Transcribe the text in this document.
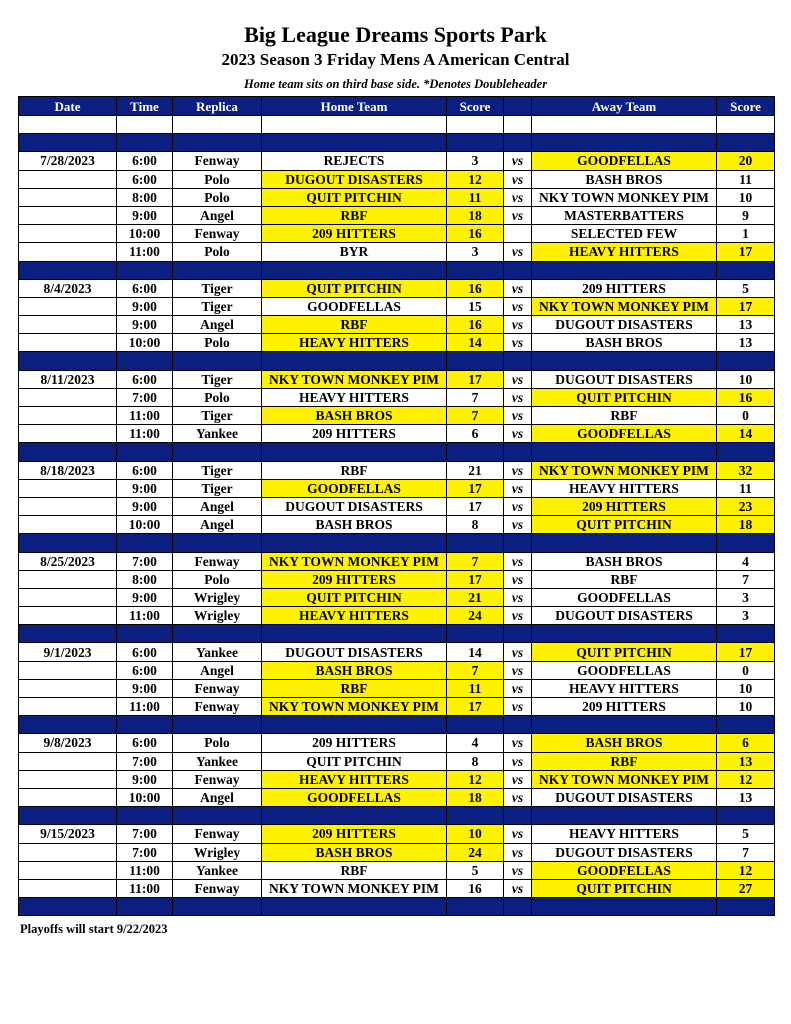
Big League Dreams Sports Park
2023 Season 3 Friday Mens A American Central
Home team sits on third base side. *Denotes Doubleheader
Date	Time	Replica	Home Team	Score		Away Team	Score

7/28/2023	6:00	Fenway	REJECTS	3	vs	GOODFELLAS	20
	6:00	Polo	DUGOUT DISASTERS	12	vs	BASH BROS	11
	8:00	Polo	QUIT PITCHIN	11	vs	NKY TOWN MONKEY PIM	10
	9:00	Angel	RBF	18	vs	MASTERBATTERS	9
	10:00	Fenway	209 HITTERS	16		SELECTED FEW	1
	11:00	Polo	BYR	3	vs	HEAVY HITTERS	17

8/4/2023	6:00	Tiger	QUIT PITCHIN	16	vs	209 HITTERS	5
	9:00	Tiger	GOODFELLAS	15	vs	NKY TOWN MONKEY PIM	17
	9:00	Angel	RBF	16	vs	DUGOUT DISASTERS	13
	10:00	Polo	HEAVY HITTERS	14	vs	BASH BROS	13

8/11/2023	6:00	Tiger	NKY TOWN MONKEY PIM	17	vs	DUGOUT DISASTERS	10
	7:00	Polo	HEAVY HITTERS	7	vs	QUIT PITCHIN	16
	11:00	Tiger	BASH BROS	7	vs	RBF	0
	11:00	Yankee	209 HITTERS	6	vs	GOODFELLAS	14

8/18/2023	6:00	Tiger	RBF	21	vs	NKY TOWN MONKEY PIM	32
	9:00	Tiger	GOODFELLAS	17	vs	HEAVY HITTERS	11
	9:00	Angel	DUGOUT DISASTERS	17	vs	209 HITTERS	23
	10:00	Angel	BASH BROS	8	vs	QUIT PITCHIN	18

8/25/2023	7:00	Fenway	NKY TOWN MONKEY PIM	7	vs	BASH BROS	4
	8:00	Polo	209 HITTERS	17	vs	RBF	7
	9:00	Wrigley	QUIT PITCHIN	21	vs	GOODFELLAS	3
	11:00	Wrigley	HEAVY HITTERS	24	vs	DUGOUT DISASTERS	3

9/1/2023	6:00	Yankee	DUGOUT DISASTERS	14	vs	QUIT PITCHIN	17
	6:00	Angel	BASH BROS	7	vs	GOODFELLAS	0
	9:00	Fenway	RBF	11	vs	HEAVY HITTERS	10
	11:00	Fenway	NKY TOWN MONKEY PIM	17	vs	209 HITTERS	10

9/8/2023	6:00	Polo	209 HITTERS	4	vs	BASH BROS	6
	7:00	Yankee	QUIT PITCHIN	8	vs	RBF	13
	9:00	Fenway	HEAVY HITTERS	12	vs	NKY TOWN MONKEY PIM	12
	10:00	Angel	GOODFELLAS	18	vs	DUGOUT DISASTERS	13

9/15/2023	7:00	Fenway	209 HITTERS	10	vs	HEAVY HITTERS	5
	7:00	Wrigley	BASH BROS	24	vs	DUGOUT DISASTERS	7
	11:00	Yankee	RBF	5	vs	GOODFELLAS	12
	11:00	Fenway	NKY TOWN MONKEY PIM	16	vs	QUIT PITCHIN	27

Playoffs will start 9/22/2023
